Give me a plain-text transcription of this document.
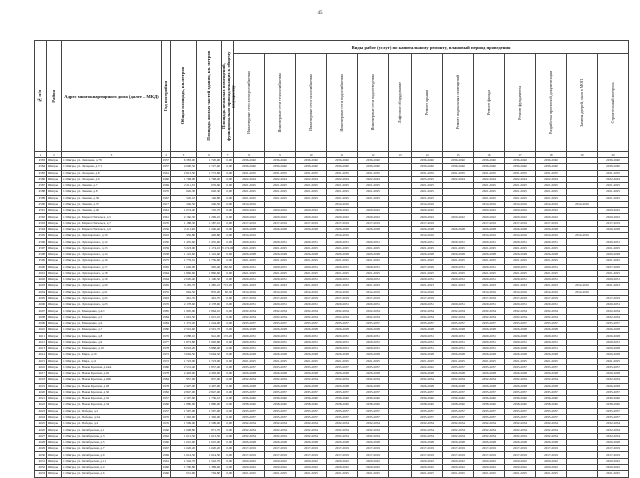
45
№ п/п	Район	Адрес многоквартирного дома (далее – МКД)	Год постройки	Общая площадь, кв.метров	Площадь жилых частей здания, кв. метров	Площадь нежилых помещений, функционально принадлежащих к общему имуществу	Виды работ (услуг) по капитальному ремонту, плановый период проведения												

							Инженерные сети электроснабжения	Инженерные сети теплоснабжения	Инженерные сети газоснабжения	Инженерные сети водоснабжения	Инженерные сети водоотведения	Лифтовое оборудование	Ремонт крыши	Ремонт подвальных помещений	Ремонт фасада	Ремонт фундамента	Разработка проектной документации	Замена дверей, окон в МОП	Строительный контроль

1	2	3	4	5	6	7	8	9	10	11	12	13	14	15	16	17	18	19	20
4583	Шигры	г. Шигры, ул. Лихачева, д.78	1957	6 383,00	1 720,00	0,00	2036-2040	2036-2040	2036-2040	2036-2040	2036-2040		2036-2040	2036-2040	2036-2040	2036-2040	2036-2040		2036-2040
4584	Шигры	г. Шигры, ул. Лазарева, д.7/1	1957	4 690,50	1 727,60	0,00	2036-2040	2036-2040	2036-2040	2036-2040	2036-2040		2036-2040	2036-2040	2036-2040	2036-2040	2036-2040		2036-2040
4585	Шигры	г. Шигры, ул. Лазарева, д.8	1961	2 813,50	1 772,80	0,00	2031-2035	2031-2035	2031-2035	2031-2035	2031-2035		2031-2035	2031-2035	2031-2035	2031-2035	2031-2035		2031-2035
4586	Шигры	г. Шигры, ул. Лазарева, д.9	1960	1 768,00	1 768,40	0,00	2022-2024	2022-2024	2022-2024	2022-2024	2022-2024		2025-2025	2022-2024	2022-2024	2022-2024	2022-2024		2022-2024
4587	Шигры	г. Шигры, ул. Ленина, д.7	1969	2 211,35	676,60	0,00	2021-2025	2021-2025	2021-2025	2021-2025	2021-2025		2021-2025		2021-2025	2021-2025	2021-2025		2021-2025
4588	Шигры	г. Шигры, ул. Ленина, д.8	1970	626,30	626,30	0,00	2021-2025	2021-2025	2021-2025	2021-2025	2021-2025		2021-2025		2021-2025	2021-2025	2021-2025		2021-2025
4589	Шигры	г. Шигры, ул. Ленина, д.36	1967	526,10	146,80	0,00	2021-2025	2021-2025	2021-2025	2021-2025	2021-2025		2021-2025		2021-2025	2021-2025	2021-2025		2021-2025
4590	Шигры	г. Шигры, ул. Ленина, д.37	1917	246,50	246,50	0,00	2014-2016			2014-2016			2014-2016		2014-2016	2014-2016	2014-2016	2014-2016	
4591	Шигры	г. Шигры, ул. Ленина, д.40	1961	1 074,40	745,70	0,00	2020-2022	2020-2022	2020-2022	2020-2022	2020-2022		2020-2022		2020-2022	2020-2022	2020-2022		2020-2022
4592	Шигры	г. Шигры, ул. Маркса/Энгельса, д.5	1961	2 166,30	1 269,10	0,00	2020-2022	2020-2022	2020-2022	2020-2022	2020-2022		2020-2022	2020-2022	2020-2022	2020-2022	2020-2022		2020-2022
4593	Шигры	г. Шигры, ул. Маркса/Энгельса, д.7	1970	1 188,30	1 187,10	0,00	2017-2019	2017-2019	2017-2019	2017-2019	2017-2019		2017-2019		2017-2019	2017-2019	2017-2019		2017-2019
4594	Шигры	г. Шигры, ул. Маркса/Энгельса, д.9	1956	2 211,90	1 240,40	0,00	2026-2028	2026-2028	2026-2028	2026-2028	2026-2028		2026-2028	2026-2028	2026-2028	2026-2028	2026-2028		2026-2028
4595	Шигры	г. Шигры, ул. Луначарского, д.10	1916	456,80	426,80	0,00	2014-2016			2014-2016			2014-2016		2014-2016	2014-2016	2014-2016	2014-2016	
4596	Шигры	г. Шигры, ул. Луначарского, д.12	1950	1 455,60	1 455,60	0,00	2029-2031	2029-2031	2029-2031	2029-2031	2029-2031		2029-2031	2029-2031	2029-2031	2029-2031	2029-2031		2029-2031
4597	Шигры	г. Шигры, ул. Луначарского, д.13	1959	3 223,00	1 174,10	3 174,00	2021-2025	2021-2025	2021-2025	2021-2025	2021-2025		2021-2025	2021-2025	2021-2025	2021-2025	2021-2025		2021-2025
4598	Шигры	г. Шигры, ул. Луначарского, д.14	1958	1 122,60	1 122,60	0,00	2026-2028	2026-2028	2026-2028	2026-2028	2026-2028		2026-2028	2026-2028	2026-2028	2026-2028	2026-2028		2026-2028
4599	Шигры	г. Шигры, ул. Луначарского, д.16	1975	1 779,10	1 756,60	0,00	2021-2025	2021-2025	2021-2025	2021-2025	2021-2025		2021-2025	2021-2025	2021-2025	2021-2025	2021-2025		2021-2025
4600	Шигры	г. Шигры, ул. Луначарского, д.17	1965	1 649,00	905,40	182,60	2029-2031	2029-2031	2029-2031	2029-2031	2029-2031		2027-2029	2029-2031	2029-2031	2029-2031	2029-2031		2027-2029
4601	Шигры	г. Шигры, ул. Луначарского, д.18	1964	1 860,60	1 860,60	0,00	2021-2025	2021-2025	2021-2025	2021-2025	2021-2025		2021-2025	2021-2025	2021-2025	2021-2025	2021-2025		2021-2025
4602	Шигры	г. Шигры, ул. Луначарского, д.19	1964	2 020,40	1 106,50	0,00	2029-2031	2029-2031	2029-2031	2029-2031	2029-2031		2029-2031	2029-2031	2029-2031	2029-2031	2029-2031		2029-2031
4603	Шигры	г. Шигры, ул. Луначарского, д.20	1965	3 165,70	1 485,10	715,20	2021-2023	2021-2023	2021-2023	2021-2023	2021-2023		2021-2023	2021-2023	2021-2023	2021-2023	2021-2023	2014-2016	2021-2023
4604	Шигры	г. Шигры, ул. Луначарского, д.21	1955	964,50	835,20	65,30	2014-2016	2014-2016	2014-2016	2014-2016	2014-2016		2014-2016		2014-2016	2014-2016	2014-2016	2014-2016	
4605	Шигры	г. Шигры, ул. Луначарского, д.22	1963	461,70	461,70	0,00	2017-2019	2017-2019	2017-2019	2017-2019	2017-2019		2017-2019		2017-2019	2017-2019	2017-2019		2017-2019
4606	Шигры	г. Шигры, ул. Луначарского, д.23	1976	2 178,60	2 178,60	0,00	2029-2031	2029-2031	2029-2031	2029-2031	2029-2031		2029-2031	2029-2031	2029-2031	2029-2031	2029-2031		2029-2031
4607	Шигры	г. Шигры, ул. Макаренко, д.4/1	1985	1 905,00	1 864,10	0,00	2032-2034	2032-2034	2032-2034	2032-2034	2032-2034		2032-2034	2032-2034	2032-2034	2032-2034	2032-2034		2032-2034
4608	Шигры	г. Шигры, ул. Макаренко, д.5	1984	1 691,50	1 615,10	0,00	2032-2034	2032-2034	2032-2034	2032-2034	2032-2034		2032-2034	2032-2034	2032-2034	2032-2034	2032-2034		2032-2034
4609	Шигры	г. Шигры, ул. Макаренко, д.6	1984	1 373,20	1 244,00	0,00	2035-2037	2035-2037	2035-2037	2035-2037	2035-2037		2035-2037	2035-2037	2035-2037	2035-2037	2035-2037		2035-2037
4610	Шигры	г. Шигры, ул. Макаренко, д.7	1980	2 501,60	2 501,70	0,00	2026-2028	2026-2028	2026-2028	2026-2028	2026-2028		2026-2028	2026-2028	2026-2028	2026-2028	2026-2028		2026-2028
4611	Шигры	г. Шигры, ул. Макаренко, д.8	1976	2 088,10	941,00	172,20	2029-2031	2029-2031	2029-2031	2029-2031	2029-2031		2029-2031	2029-2031	2029-2031	2026-2028	2029-2031		2026-2028
4612	Шигры	г. Шигры, ул. Макаренко, д.9	1977	1 873,80	1 902,80	0,00	2029-2031	2029-2031	2029-2031	2029-2031	2029-2031		2029-2031	2029-2031	2029-2031	2029-2031	2029-2031		2029-2031
4613	Шигры	г. Шигры, ул. Макаренко, д.10	1978	8 043,20	5 868,00	0,00	2029-2031	2029-2031	2029-2031	2029-2031	2029-2031		2029-2031	2029-2031	2029-2031	2026-2028	2029-2031		2026-2028
4614	Шигры	г. Шигры, ул. Мира, д.10	1972	3 694,50	3 694,50	0,00	2026-2028	2026-2028	2026-2028	2026-2028	2026-2028		2026-2028	2026-2028	2026-2028	2026-2028	2026-2028		2026-2028
4615	Шигры	г. Шигры, ул. Мира, д.11	1972	1 723,00	1 723,00	0,00	2021-2025	2021-2025	2021-2025	2021-2025	2021-2025		2021-2025	2021-2025	2021-2025	2021-2025	2021-2025		2021-2025
4616	Шигры	г. Шигры, ул. Новая Красная, д.24А	1980	2 531,40	1 857,40	0,00	2035-2037	2035-2037	2035-2037	2035-2037	2035-2037		2022-2022	2035-2037	2035-2037	2035-2037	2035-2037		2035-2037
4617	Шигры	г. Шигры, ул. Новая Красная, д.26	1978	2 493,00	2 493,00	0,00	2026-2028	2026-2028	2026-2028	2026-2028	2026-2028		2026-2028	2026-2028	2026-2028	2026-2028	2026-2028		2026-2028
4618	Шигры	г. Шигры, ул. Новая Красная, д.26Б	1984	857,00	857,00	0,00	2032-2034	2032-2034	2032-2034	2032-2034	2032-2034		2032-2034	2032-2034	2032-2034	2032-2034	2032-2034		2032-2034
4619	Шигры	г. Шигры, ул. Новая Красная, д.28	1978	2 407,00	2 407,00	0,00	2026-2028	2026-2028	2026-2028	2026-2028	2026-2028		2026-2028	2026-2028	2026-2028	2026-2028	2026-2028		2026-2028
4620	Шигры	г. Шигры, ул. Новая Красная, д.30	1982	2 847,00	2 847,00	0,00	2035-2037	2035-2037	2035-2037	2035-2037	2035-2037		2035-2037	2035-2037	2035-2037	2035-2037	2035-2037		2035-2037
4621	Шигры	г. Шигры, ул. Новая Красная, д.32	1957	2 197,90	1 736,10	0,00	2036-2040	2036-2040	2036-2040	2036-2040	2036-2040		2036-2040	2036-2040	2036-2040	2036-2040	2036-2040		2036-2040
4622	Шигры	г. Шигры, ул. Новая Красная, д.34	1960	1 880,00	1 880,00	0,00	2038-2040	2038-2040	2038-2040	2038-2040	2038-2040		2038-2040	2038-2040	2038-2040	2038-2040	2038-2040		2038-2040
4623	Шигры	г. Шигры, ул. Победы, д.2	1957	1 597,00	1 597,00	0,00	2035-2037	2035-2037	2035-2037	2035-2037	2035-2037		2035-2037	2035-2037	2035-2037	2035-2037	2035-2037		2035-2037
4624	Шигры	г. Шигры, ул. Победы, д.2А	1970	1 392,00	1 392,00	0,00	2035-2037	2035-2037	2035-2037	2035-2037	2035-2037		2035-2037	2035-2037	2035-2037	2035-2037	2035-2037		2035-2037
4625	Шигры	г. Шигры, ул. Победы, д.4	1976	1 599,00	1 599,00	0,00	2032-2034	2032-2034	2032-2034	2032-2034	2032-2034		2032-2034	2032-2034	2032-2034	2032-2034	2032-2034		2032-2034
4626	Шигры	г. Шигры, ул. Октябрьская, д.1	1960	1 608,80	871,70	0,00	2032-2034	2032-2034	2032-2034	2032-2034	2032-2034		2032-2034	2032-2034	2032-2034	2032-2034	2032-2034		2032-2034
4627	Шигры	г. Шигры, ул. Октябрьская, д.3	1962	1 613,50	1 613,50	0,00	2032-2034	2032-2034	2032-2034	2032-2034	2032-2034		2032-2034	2032-2034	2032-2034	2032-2034	2032-2034		2032-2034
4628	Шигры	г. Шигры, ул. Октябрьская, д.5	1960	1 610,00	1 610,00	0,00	2026-2028	2026-2028	2026-2028	2026-2028	2026-2028		2026-2028	2026-2028	2026-2028	2026-2028	2026-2028		2026-2028
4629	Шигры	г. Шигры, ул. Октябрьская, д.7	1967	1 620,20	1 620,20	0,00	2017-2019	2017-2019	2017-2019	2017-2019	2017-2019		2017-2019	2017-2019	2017-2019	2017-2019	2017-2019		2017-2019
4630	Шигры	г. Шигры, ул. Октябрьская, д.9	1969	1 614,50	1 614,50	0,00	2017-2019	2017-2019	2017-2019	2017-2019	2017-2019		2017-2019	2017-2019	2017-2019	2017-2019	2017-2019		2017-2019
4631	Шигры	г. Шигры, ул. Октябрьская, д.11	1961	1 542,70	1 542,70	0,00	2020-2022	2020-2022	2020-2022	2020-2022	2020-2022		2020-2022	2020-2022	2020-2022	2020-2022	2020-2022		2020-2022
4632	Шигры	г. Шигры, ул. Октябрьская, д.4	1960	1 790,80	1 389,60	0,00	2020-2022	2020-2022	2020-2022	2020-2022	2020-2022		2020-2022	2020-2022	2020-2022	2020-2022	2020-2022		2020-2022
4633	Шигры	г. Шигры, ул. Октябрьская, д.6	1960	631,90	794,80	0,00	2021-2025	2021-2025	2021-2025	2021-2025	2021-2025		2021-2025	2021-2025	2021-2025	2021-2025	2021-2025		2021-2025
